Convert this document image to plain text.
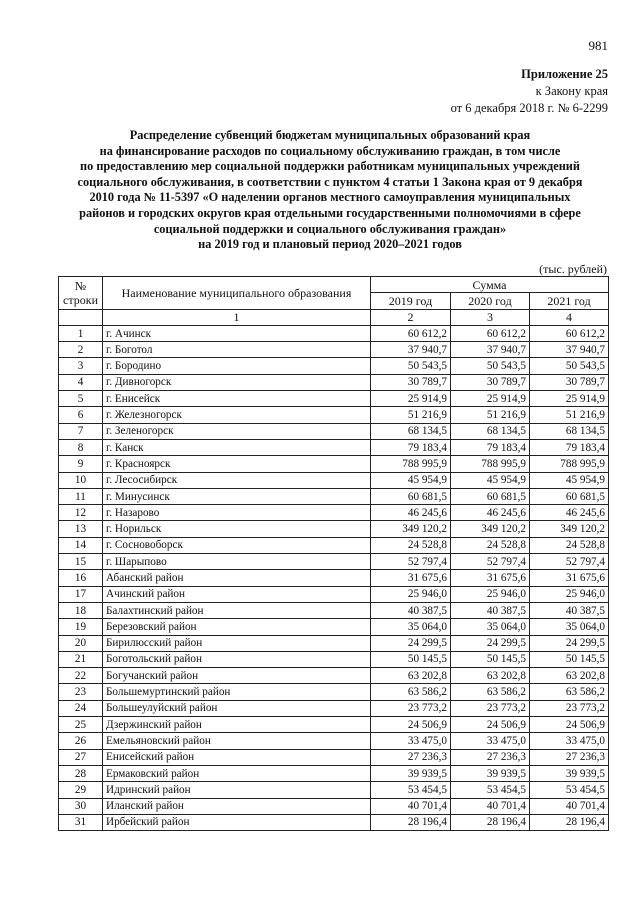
981
Приложение 25
к Закону края
от 6 декабря 2018 г. № 6-2299
Распределение субвенций бюджетам муниципальных образований края
на финансирование расходов по социальному обслуживанию граждан, в том числе
по предоставлению мер социальной поддержки работникам муниципальных учреждений
социального обслуживания, в соответствии с пунктом 4 статьи 1 Закона края от 9 декабря
2010 года № 11-5397 «О наделении органов местного самоуправления муниципальных
районов и городских округов края отдельными государственными полномочиями в сфере
социальной поддержки и социального обслуживания граждан»
на 2019 год и плановый период 2020–2021 годов
(тыс. рублей)
№ строки	Наименование муниципального образования	Сумма		
		2019 год	2020 год	2021 год
	1	2	3	4
1	г. Ачинск	60 612,2	60 612,2	60 612,2
2	г. Боготол	37 940,7	37 940,7	37 940,7
3	г. Бородино	50 543,5	50 543,5	50 543,5
4	г. Дивногорск	30 789,7	30 789,7	30 789,7
5	г. Енисейск	25 914,9	25 914,9	25 914,9
6	г. Железногорск	51 216,9	51 216,9	51 216,9
7	г. Зеленогорск	68 134,5	68 134,5	68 134,5
8	г. Канск	79 183,4	79 183,4	79 183,4
9	г. Красноярск	788 995,9	788 995,9	788 995,9
10	г. Лесосибирск	45 954,9	45 954,9	45 954,9
11	г. Минусинск	60 681,5	60 681,5	60 681,5
12	г. Назарово	46 245,6	46 245,6	46 245,6
13	г. Норильск	349 120,2	349 120,2	349 120,2
14	г. Сосновоборск	24 528,8	24 528,8	24 528,8
15	г. Шарыпово	52 797,4	52 797,4	52 797,4
16	Абанский район	31 675,6	31 675,6	31 675,6
17	Ачинский район	25 946,0	25 946,0	25 946,0
18	Балахтинский район	40 387,5	40 387,5	40 387,5
19	Березовский район	35 064,0	35 064,0	35 064,0
20	Бирилюсский район	24 299,5	24 299,5	24 299,5
21	Боготольский район	50 145,5	50 145,5	50 145,5
22	Богучанский район	63 202,8	63 202,8	63 202,8
23	Большемуртинский район	63 586,2	63 586,2	63 586,2
24	Большеулуйский район	23 773,2	23 773,2	23 773,2
25	Дзержинский район	24 506,9	24 506,9	24 506,9
26	Емельяновский район	33 475,0	33 475,0	33 475,0
27	Енисейский район	27 236,3	27 236,3	27 236,3
28	Ермаковский район	39 939,5	39 939,5	39 939,5
29	Идринский район	53 454,5	53 454,5	53 454,5
30	Иланский район	40 701,4	40 701,4	40 701,4
31	Ирбейский район	28 196,4	28 196,4	28 196,4
